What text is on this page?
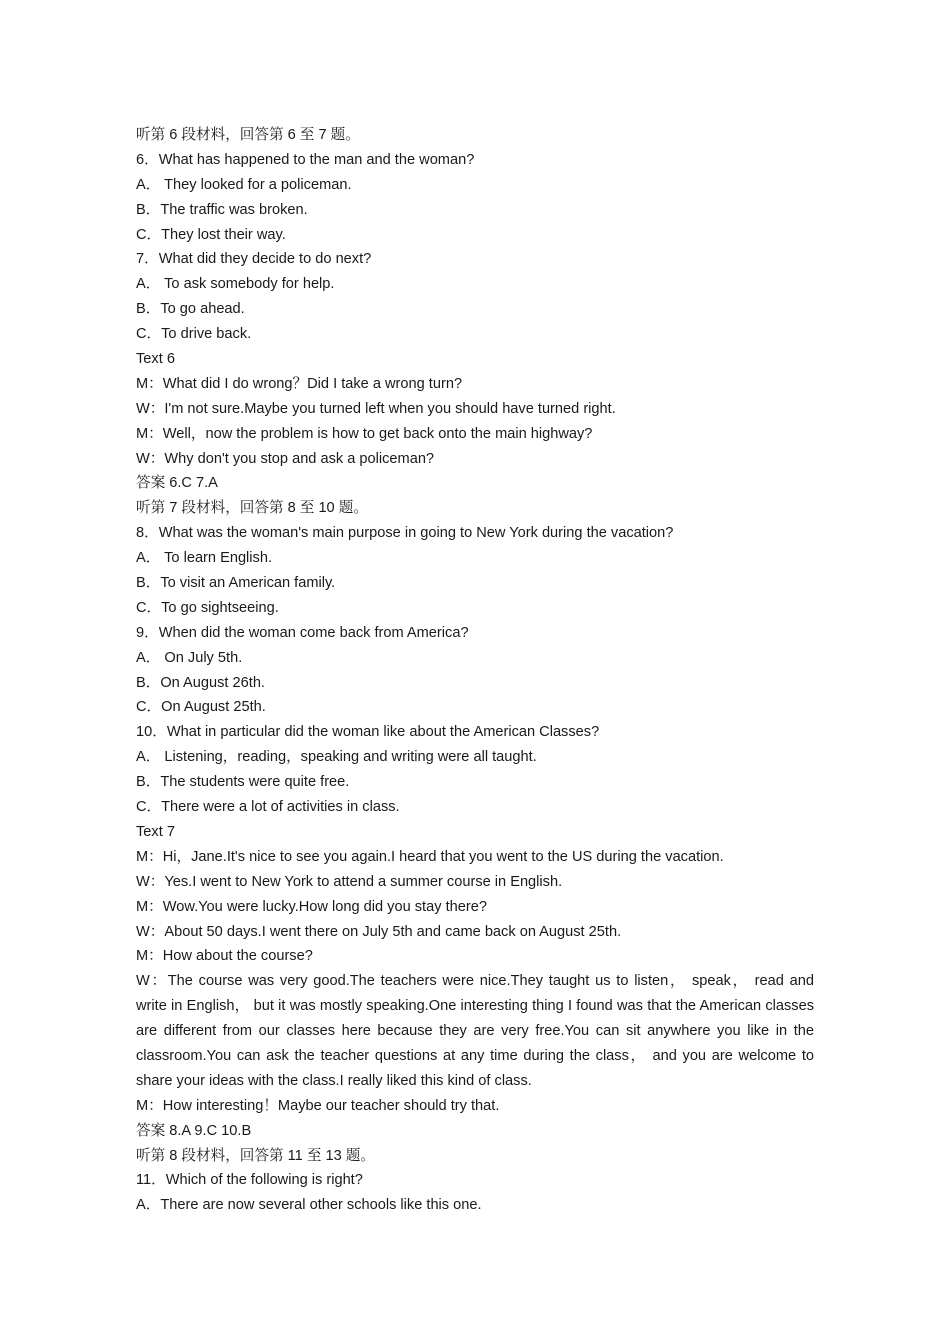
听第 6 段材料，回答第 6 至 7 题。
6．What has happened to the man and the woman?
A． They looked for a policeman.
B．The traffic was broken.
C．They lost their way.
7．What did they decide to do next?
A． To ask somebody for help.
B．To go ahead.
C．To drive back.
Text 6
M：What did I do wrong？Did I take a wrong turn?
W：I'm not sure.Maybe you turned left when you should have turned right.
M：Well，now the problem is how to get back onto the main highway?
W：Why don't you stop and ask a policeman?
答案 6.C 7.A
听第 7 段材料，回答第 8 至 10 题。
8．What was the woman's main purpose in going to New York during the vacation?
A． To learn English.
B．To visit an American family.
C．To go sightseeing.
9．When did the woman come back from America?
A． On July 5th.
B．On August 26th.
C．On August 25th.
10．What in particular did the woman like about the American Classes?
A． Listening，reading，speaking and writing were all taught.
B．The students were quite free.
C．There were a lot of activities in class.
Text 7
M：Hi，Jane.It's nice to see you again.I heard that you went to the US during the vacation.
W：Yes.I went to New York to attend a summer course in English.
M：Wow.You were lucky.How long did you stay there?
W：About 50 days.I went there on July 5th and came back on August 25th.
M：How about the course?
W：The course was very good.The teachers were nice.They taught us to listen， speak， read and write in English， but it was mostly speaking.One interesting thing I found was that the American classes are different from our classes here because they are very free.You can sit anywhere you like in the classroom.You can ask the teacher questions at any time during the class， and you are welcome to share your ideas with the class.I really liked this kind of class.
M：How interesting！Maybe our teacher should try that.
答案 8.A 9.C 10.B
听第 8 段材料，回答第 11 至 13 题。
11．Which of the following is right?
A．There are now several other schools like this one.
